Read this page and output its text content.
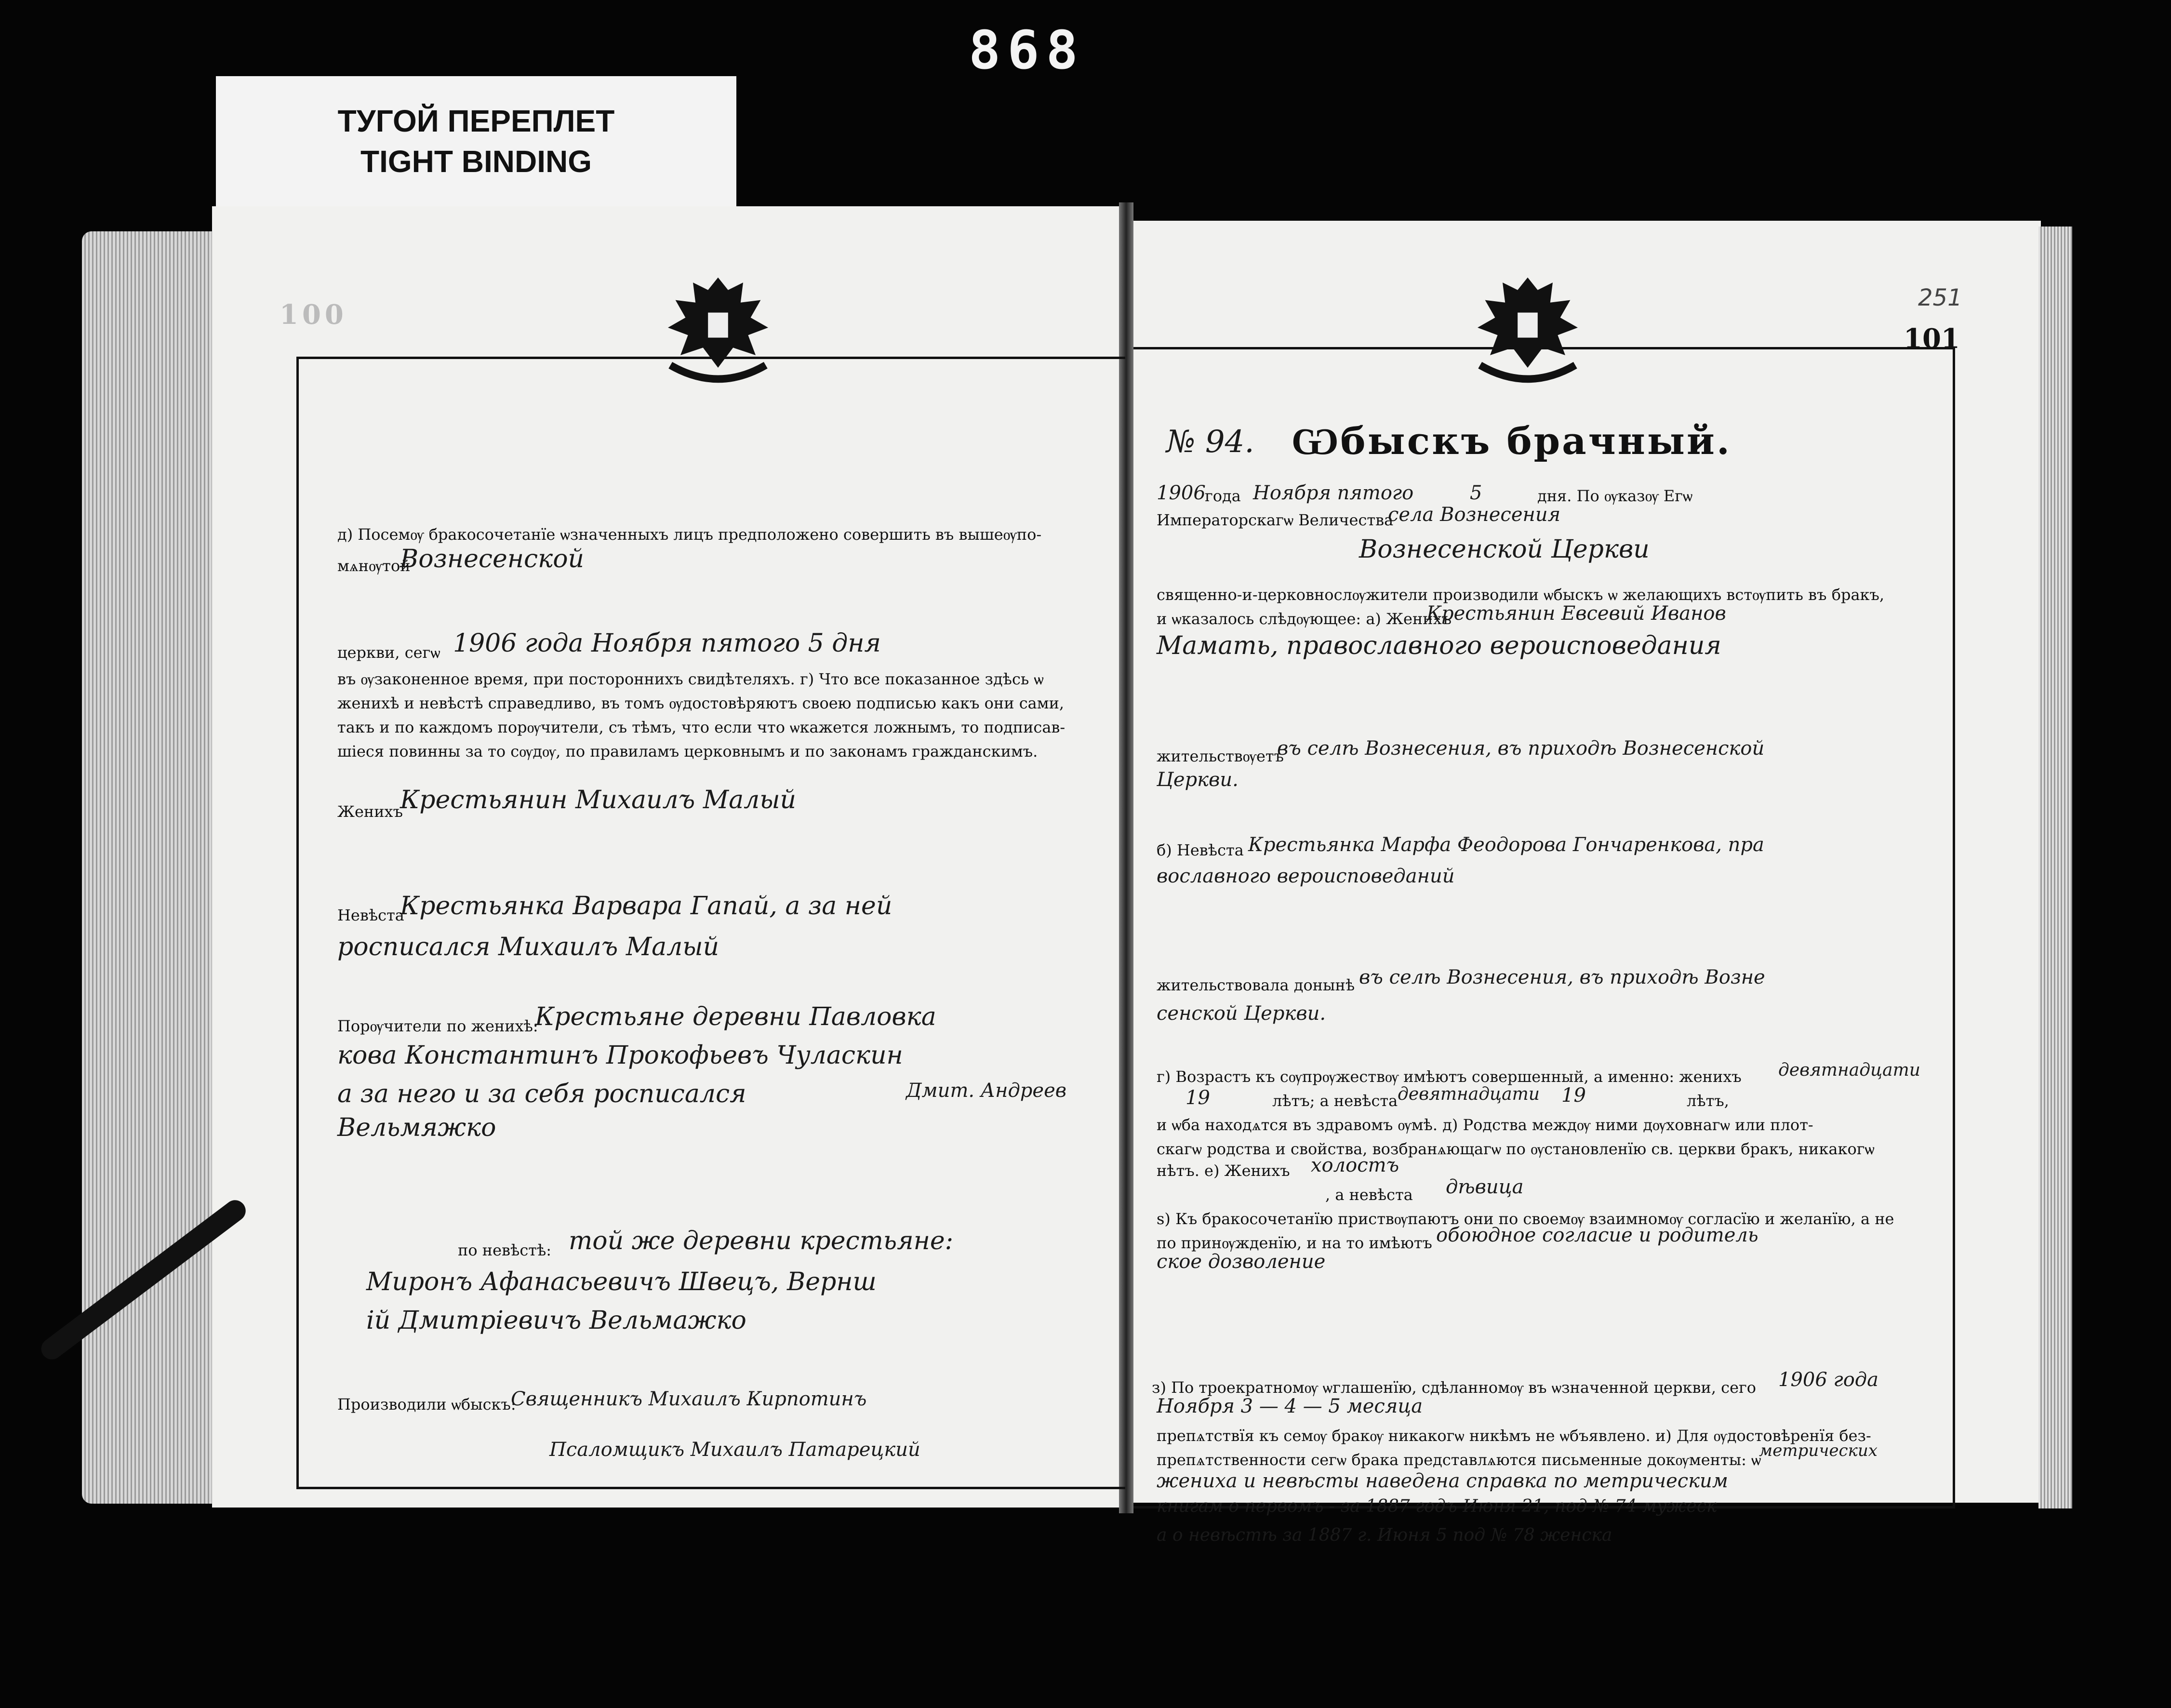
868
ТУГОЙ ПЕРЕПЛЕТ
TIGHT BINDING
100
д) Посемѹ бракосочетанїе ѡзначенныхъ лицъ предположено совершить въ вышеѹпо-
мѧнѹтой
Вознесенской
церкви, сегѡ 1906 года Ноября пятого 5 дня
въ ѹзаконенное время, при постороннихъ свидѣтеляхъ. г) Что все показанное здѣсь ѡ
женихѣ и невѣстѣ справедливо, въ томъ ѹдостовѣряютъ своею подписью какъ они сами,
такъ и по каждомъ порѹчители, съ тѣмъ, что если что ѡкажется ложнымъ, то подписав-
шiеся повинны за то сѹдѹ, по правиламъ церковнымъ и по законамъ гражданскимъ.
Женихъ
Крестьянин Михаилъ Малый
Невѣста
Крестьянка Варвара Гапай, а за ней
росписался Михаилъ Малый
Порѹчители по женихѣ:
Крестьяне деревни Павловка
кова Константинъ Прокофьевъ Чуласкин
а за него и за себя росписался	Дмит. Андреев
Вельмяжко
по невѣстѣ: той же деревни крестьяне:
Миронъ Афанасьевичъ Швецъ, Вернш
ій Дмитріевичъ Вельмажко
Производили ѡбыскъ:
Священникъ Михаилъ Кирпотинъ
Псаломщикъ Михаилъ Патарецкий
251
101
№ 94. Ѡбыскъ брачный.
1906
года Ноября пятого	5	дня. По ѹказѹ Егѡ
Императорскагѡ Величества
села Вознесения
Вознесенской Церкви
священно-и-церковнослѹжители производили ѡбыскъ ѡ желающихъ встѹпить въ бракъ,
и ѡказалось слѣдѹющее: а) Женихъ
Крестьянин Евсевий Иванов
Мамать, православного вероисповедания
жительствѹетъ
въ селѣ Вознесения, въ приходѣ Вознесенской
Церкви.
б) Невѣста Крестьянка Марфа Феодорова Гончаренкова, пра
вославного вероисповеданий
жительствовала донынѣ въ селѣ Вознесения, въ приходѣ Возне
сенской Церкви.
г) Возрастъ къ сѹпрѹжествѹ имѣютъ совершенный, а именно: женихъ девятнадцати
19	лѣтъ; а невѣста девятнадцати 19	лѣтъ,
и ѡба находѧтся въ здравомъ ѹмѣ. д) Родства междѹ ними дѹховнагѡ или плот-
скагѡ родства и свойства, возбранѧющагѡ по ѹстановленїю св. церкви бракъ, никакогѡ
нѣтъ. е) Женихъ холостъ
, а невѣста дѣвица
ѕ) Къ бракосочетанїю приствѹпаютъ они по своемѹ взаимномѹ согласїю и желанїю, а не
по принѹжденїю, и на то имѣютъ обоюдное согласие и родитель
ское дозволение
з) По троекратномѹ ѡглашенїю, сдѣланномѹ въ ѡзначенной церкви, сего 1906 года
Ноября 3 — 4 — 5 месяца
препѧтствїя къ семѹ бракѹ никакогѡ никѣмъ не ѡбъявлено. и) Для ѹдостовѣренїя без-
препѧтственности сегѡ брака представлѧются письменные докѹменты: ѡ
метрических
жениха и невѣсты наведена справка по метрическим
книгам о первомъ - за 1887 годъ Июня 21, под № 74 мужеск
а о невѣстѣ за 1887 г. Июня 5 под № 78 женска
